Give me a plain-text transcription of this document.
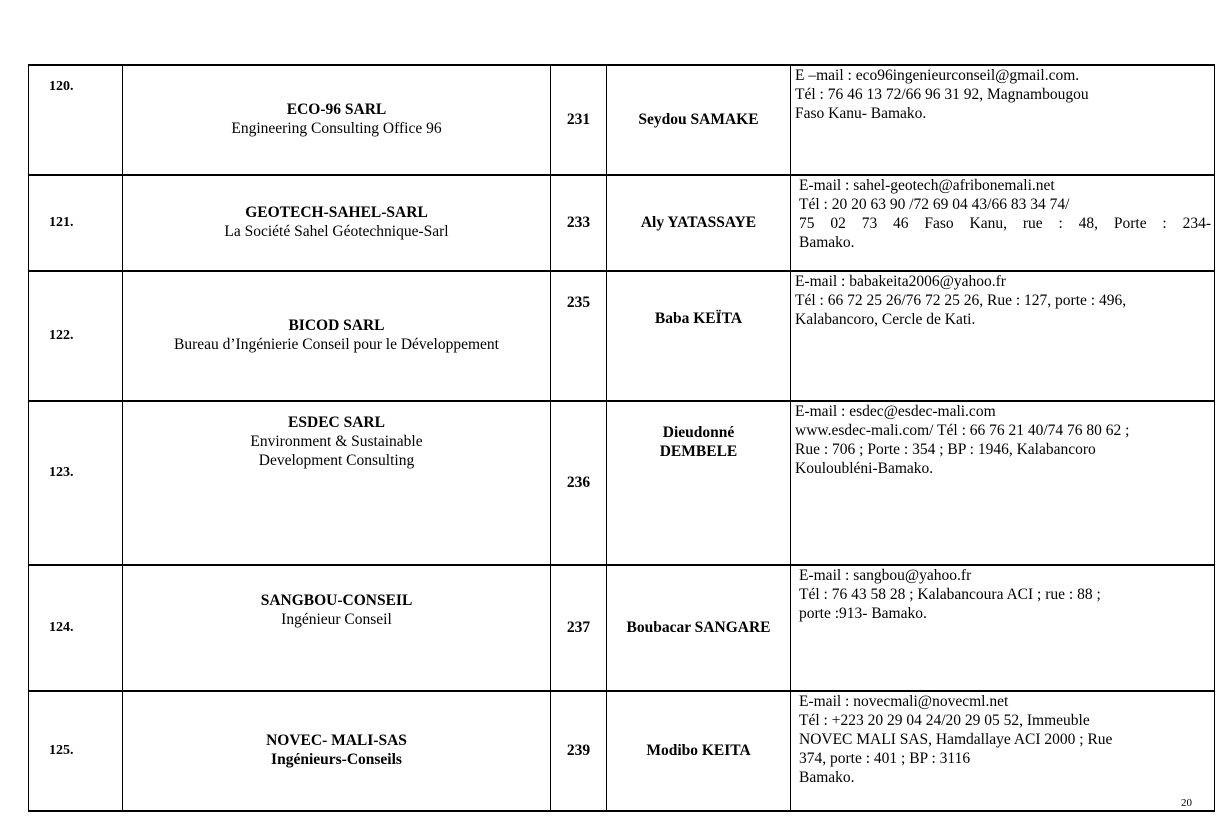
120.	ECO-96 SARL
Engineering Consulting Office 96	231	Seydou SAMAKE	E –mail : eco96ingenieurconseil@gmail.com.
Tél : 76 46 13 72/66 96 31 92, Magnambougou
Faso Kanu- Bamako.

121.	GEOTECH-SAHEL-SARL
La Société Sahel Géotechnique-Sarl	233	Aly YATASSAYE	E-mail : sahel-geotech@afribonemali.net
Tél : 20 20 63 90 /72 69 04 43/66 83 34 74/
75 02 73 46 Faso Kanu, rue : 48, Porte : 234-
Bamako.

122.	BICOD SARL
Bureau d’Ingénierie Conseil pour le Développement	235	Baba KEÏTA	E-mail : babakeita2006@yahoo.fr
Tél : 66 72 25 26/76 72 25 26, Rue : 127, porte : 496,
Kalabancoro, Cercle de Kati.

123.	ESDEC SARL
Environment & Sustainable Development Consulting	236	Dieudonné
DEMBELE	E-mail : esdec@esdec-mali.com
www.esdec-mali.com/ Tél : 66 76 21 40/74 76 80 62 ;
Rue : 706 ; Porte : 354 ; BP : 1946, Kalabancoro
Kouloubléni-Bamako.

124.	SANGBOU-CONSEIL
Ingénieur Conseil	237	Boubacar SANGARE	E-mail : sangbou@yahoo.fr
Tél : 76 43 58 28 ; Kalabancoura ACI ; rue : 88 ;
porte :913- Bamako.

125.	NOVEC- MALI-SAS
Ingénieurs-Conseils	239	Modibo KEITA	E-mail : novecmali@novecml.net
Tél : +223 20 29 04 24/20 29 05 52, Immeuble
NOVEC MALI SAS, Hamdallaye ACI 2000 ; Rue
374, porte : 401 ; BP : 3116
Bamako.
20
